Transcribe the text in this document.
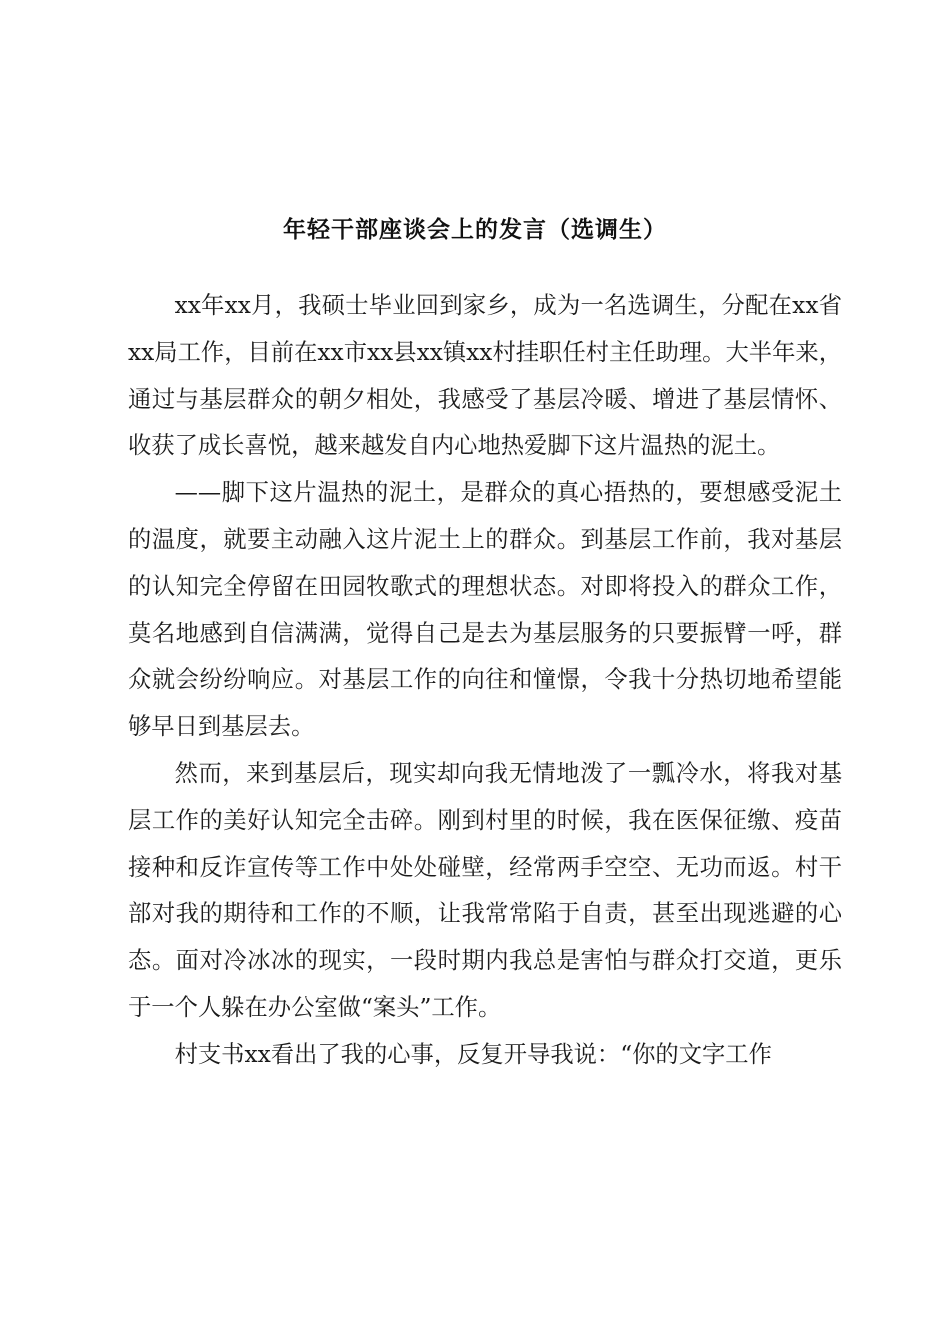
年轻干部座谈会上的发言（选调生）

xx年xx月，我硕士毕业回到家乡，成为一名选调生，分配在xx省xx局工作，目前在xx市xx县xx镇xx村挂职任村主任助理。大半年来，通过与基层群众的朝夕相处，我感受了基层冷暖、增进了基层情怀、收获了成长喜悦，越来越发自内心地热爱脚下这片温热的泥土。

——脚下这片温热的泥土，是群众的真心捂热的，要想感受泥土的温度，就要主动融入这片泥土上的群众。到基层工作前，我对基层的认知完全停留在田园牧歌式的理想状态。对即将投入的群众工作，莫名地感到自信满满，觉得自己是去为基层服务的只要振臂一呼，群众就会纷纷响应。对基层工作的向往和憧憬，令我十分热切地希望能够早日到基层去。

然而，来到基层后，现实却向我无情地泼了一瓢冷水，将我对基层工作的美好认知完全击碎。刚到村里的时候，我在医保征缴、疫苗接种和反诈宣传等工作中处处碰壁，经常两手空空、无功而返。村干部对我的期待和工作的不顺，让我常常陷于自责，甚至出现逃避的心态。面对冷冰冰的现实，一段时期内我总是害怕与群众打交道，更乐于一个人躲在办公室做“案头”工作。

村支书xx看出了我的心事，反复开导我说：“你的文字工作
